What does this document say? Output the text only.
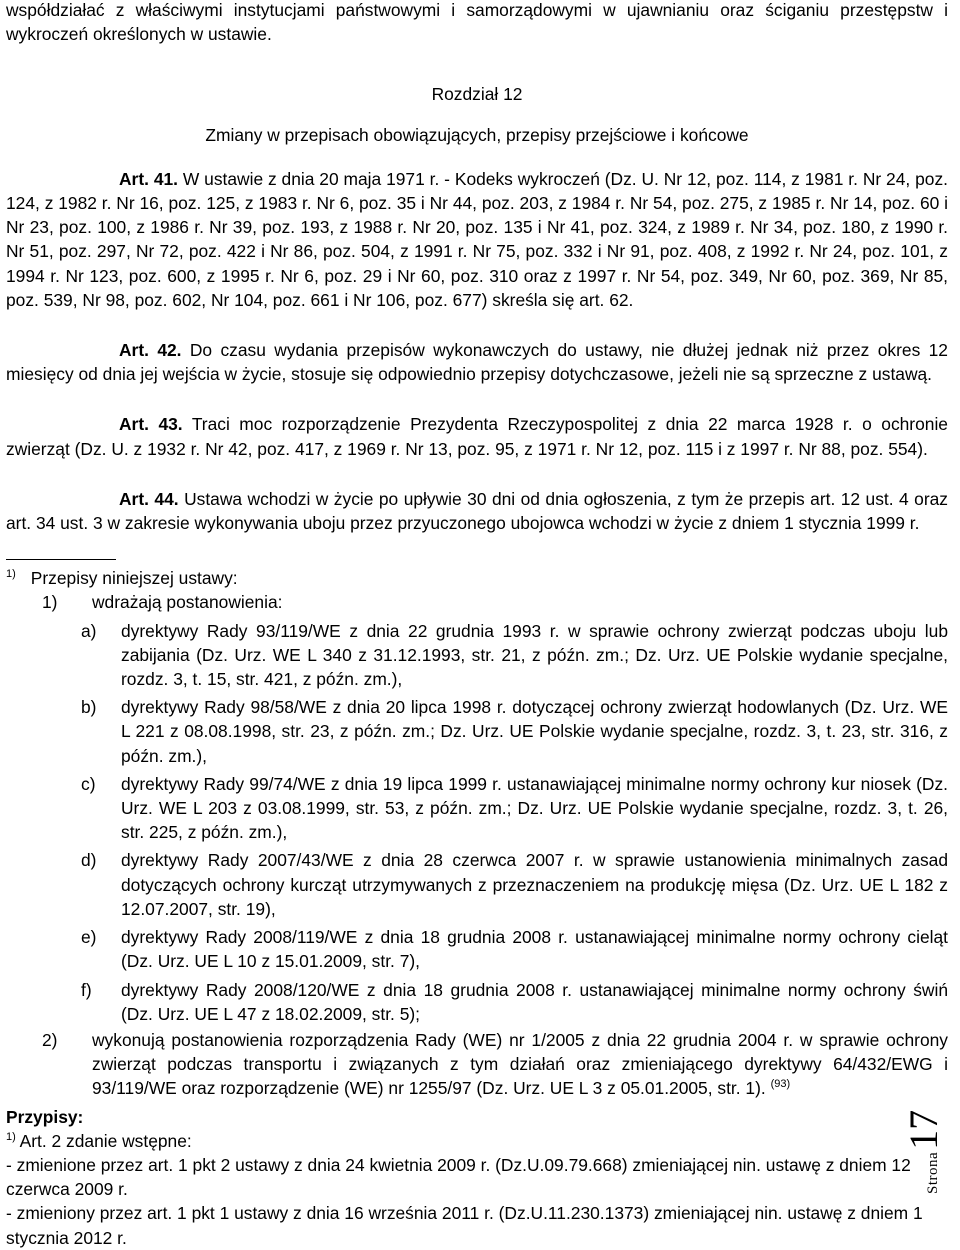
współdziałać z właściwymi instytucjami państwowymi i samorządowymi w ujawnianiu oraz ściganiu przestępstw i wykroczeń określonych w ustawie.

Rozdział 12

Zmiany w przepisach obowiązujących, przepisy przejściowe i końcowe

Art. 41. W ustawie z dnia 20 maja 1971 r. - Kodeks wykroczeń (Dz. U. Nr 12, poz. 114, z 1981 r. Nr 24, poz. 124, z 1982 r. Nr 16, poz. 125, z 1983 r. Nr 6, poz. 35 i Nr 44, poz. 203, z 1984 r. Nr 54, poz. 275, z 1985 r. Nr 14, poz. 60 i Nr 23, poz. 100, z 1986 r. Nr 39, poz. 193, z 1988 r. Nr 20, poz. 135 i Nr 41, poz. 324, z 1989 r. Nr 34, poz. 180, z 1990 r. Nr 51, poz. 297, Nr 72, poz. 422 i Nr 86, poz. 504, z 1991 r. Nr 75, poz. 332 i Nr 91, poz. 408, z 1992 r. Nr 24, poz. 101, z 1994 r. Nr 123, poz. 600, z 1995 r. Nr 6, poz. 29 i Nr 60, poz. 310 oraz z 1997 r. Nr 54, poz. 349, Nr 60, poz. 369, Nr 85, poz. 539, Nr 98, poz. 602, Nr 104, poz. 661 i Nr 106, poz. 677) skreśla się art. 62.

Art. 42. Do czasu wydania przepisów wykonawczych do ustawy, nie dłużej jednak niż przez okres 12 miesięcy od dnia jej wejścia w życie, stosuje się odpowiednio przepisy dotychczasowe, jeżeli nie są sprzeczne z ustawą.

Art. 43. Traci moc rozporządzenie Prezydenta Rzeczypospolitej z dnia 22 marca 1928 r. o ochronie zwierząt (Dz. U. z 1932 r. Nr 42, poz. 417, z 1969 r. Nr 13, poz. 95, z 1971 r. Nr 12, poz. 115 i z 1997 r. Nr 88, poz. 554).

Art. 44. Ustawa wchodzi w życie po upływie 30 dni od dnia ogłoszenia, z tym że przepis art. 12 ust. 4 oraz art. 34 ust. 3 w zakresie wykonywania uboju przez przyuczonego ubojowca wchodzi w życie z dniem 1 stycznia 1999 r.

$^{1)}$ Przepisy niniejszej ustawy:

1)	wdrażają postanowienia:
a)	dyrektywy Rady 93/119/WE z dnia 22 grudnia 1993 r. w sprawie ochrony zwierząt podczas uboju lub zabijania (Dz. Urz. WE L 340 z 31.12.1993, str. 21, z późn. zm.; Dz. Urz. UE Polskie wydanie specjalne, rozdz. 3, t. 15, str. 421, z późn. zm.),
b)	dyrektywy Rady 98/58/WE z dnia 20 lipca 1998 r. dotyczącej ochrony zwierząt hodowlanych (Dz. Urz. WE L 221 z 08.08.1998, str. 23, z późn. zm.; Dz. Urz. UE Polskie wydanie specjalne, rozdz. 3, t. 23, str. 316, z późn. zm.),
c)	dyrektywy Rady 99/74/WE z dnia 19 lipca 1999 r. ustanawiającej minimalne normy ochrony kur niosek (Dz. Urz. WE L 203 z 03.08.1999, str. 53, z późn. zm.; Dz. Urz. UE Polskie wydanie specjalne, rozdz. 3, t. 26, str. 225, z późn. zm.),
d)	dyrektywy Rady 2007/43/WE z dnia 28 czerwca 2007 r. w sprawie ustanowienia minimalnych zasad dotyczących ochrony kurcząt utrzymywanych z przeznaczeniem na produkcję mięsa (Dz. Urz. UE L 182 z 12.07.2007, str. 19),
e)	dyrektywy Rady 2008/119/WE z dnia 18 grudnia 2008 r. ustanawiającej minimalne normy ochrony cieląt (Dz. Urz. UE L 10 z 15.01.2009, str. 7),
f)	dyrektywy Rady 2008/120/WE z dnia 18 grudnia 2008 r. ustanawiającej minimalne normy ochrony świń (Dz. Urz. UE L 47 z 18.02.2009, str. 5);
2)	wykonują postanowienia rozporządzenia Rady (WE) nr 1/2005 z dnia 22 grudnia 2004 r. w sprawie ochrony zwierząt podczas transportu i związanych z tym działań oraz zmieniającego dyrektywy 64/432/EWG i 93/119/WE oraz rozporządzenie (WE) nr 1255/97 (Dz. Urz. UE L 3 z 05.01.2005, str. 1). $^{(93)}$

Przypisy:

$^{1)}$ Art. 2 zdanie wstępne:

- zmienione przez art. 1 pkt 2 ustawy z dnia 24 kwietnia 2009 r. (Dz.U.09.79.668) zmieniającej nin. ustawę z dniem 12 czerwca 2009 r.

- zmieniony przez art. 1 pkt 1 ustawy z dnia 16 września 2011 r. (Dz.U.11.230.1373) zmieniającej nin. ustawę z dniem 1 stycznia 2012 r.

Strona17
